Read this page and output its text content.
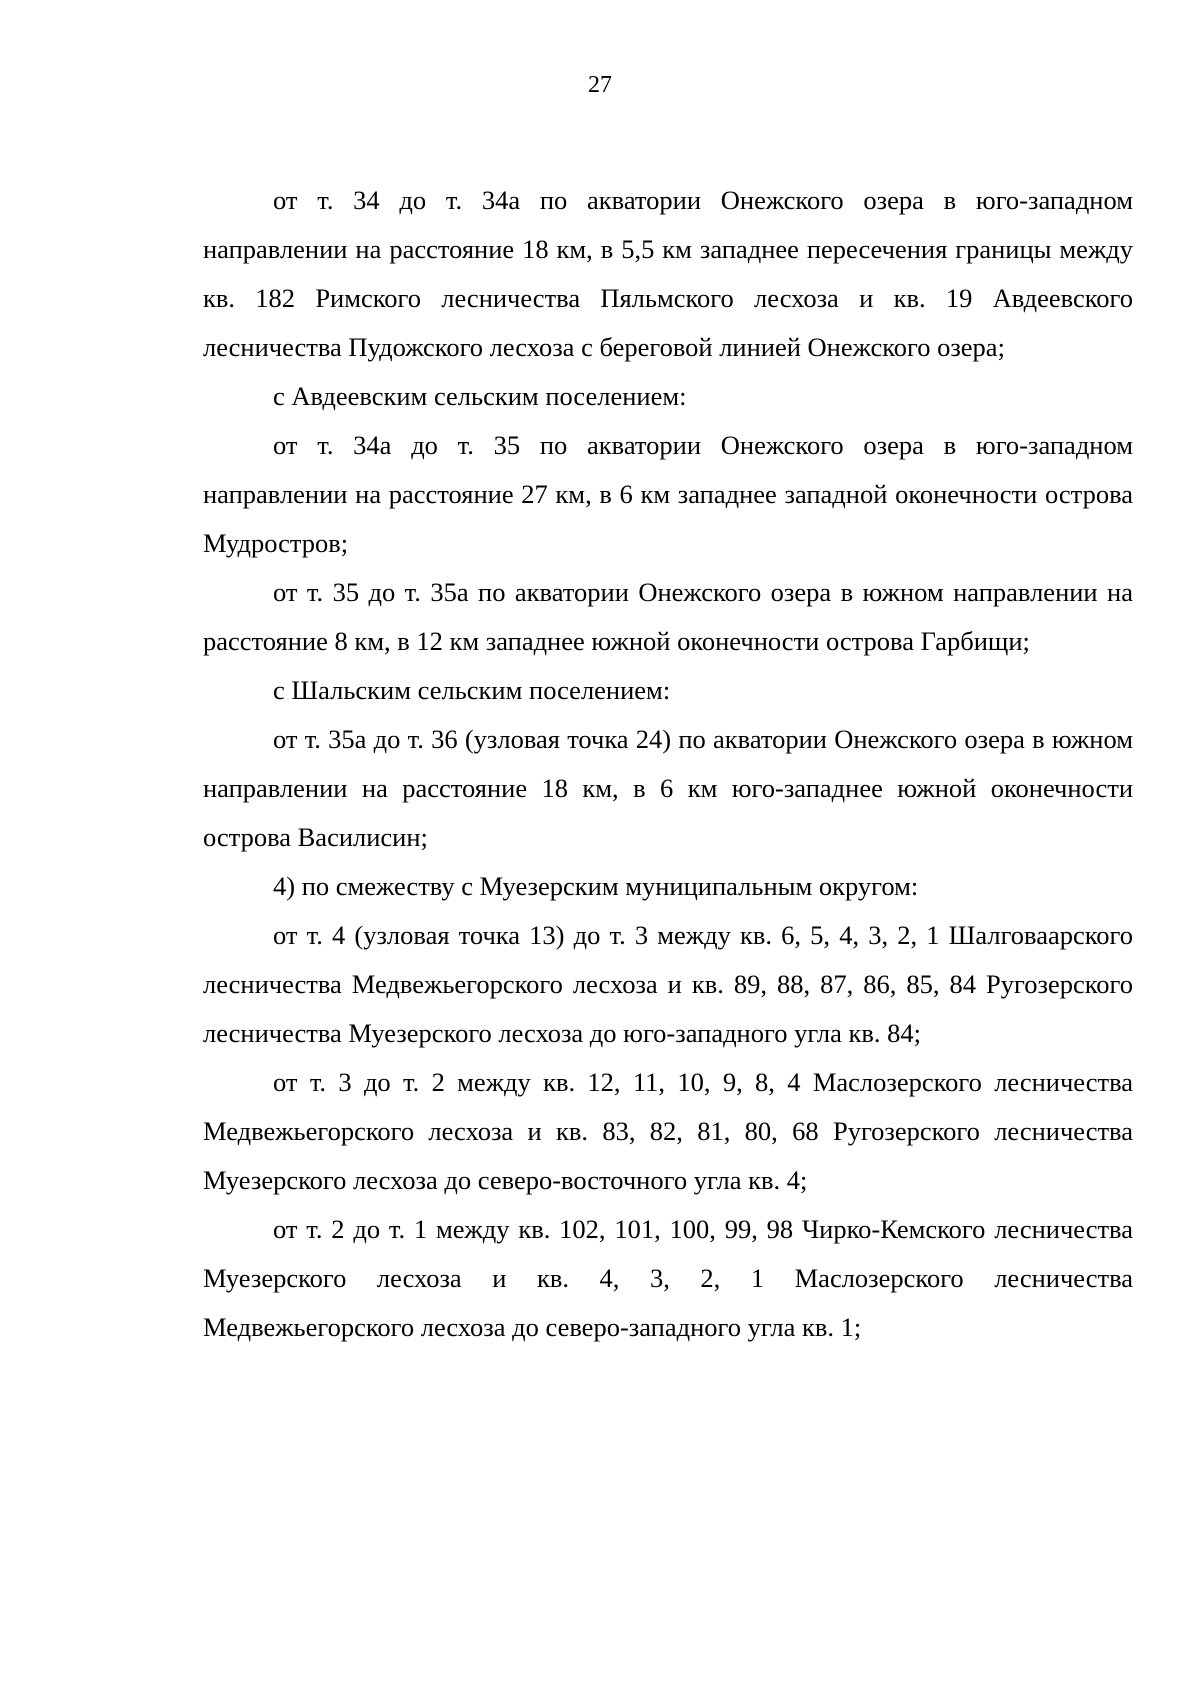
27

от т. 34 до т. 34а по акватории Онежского озера в юго-западном направлении на расстояние 18 км, в 5,5 км западнее пересечения границы между кв. 182 Римского лесничества Пяльмского лесхоза и кв. 19 Авдеевского лесничества Пудожского лесхоза с береговой линией Онежского озера;

с Авдеевским сельским поселением:

от т. 34а до т. 35 по акватории Онежского озера в юго-западном направлении на расстояние 27 км, в 6 км западнее западной оконечности острова Мудростров;

от т. 35 до т. 35а по акватории Онежского озера в южном направлении на расстояние 8 км, в 12 км западнее южной оконечности острова Гарбищи;

с Шальским сельским поселением:

от т. 35а до т. 36 (узловая точка 24) по акватории Онежского озера в южном направлении на расстояние 18 км, в 6 км юго-западнее южной оконечности острова Василисин;

4) по смежеству с Муезерским муниципальным округом:

от т. 4 (узловая точка 13) до т. 3 между кв. 6, 5, 4, 3, 2, 1 Шалговаарского лесничества Медвежьегорского лесхоза и кв. 89, 88, 87, 86, 85, 84 Ругозерского лесничества Муезерского лесхоза до юго-западного угла кв. 84;

от т. 3 до т. 2 между кв. 12, 11, 10, 9, 8, 4 Маслозерского лесничества Медвежьегорского лесхоза и кв. 83, 82, 81, 80, 68 Ругозерского лесничества Муезерского лесхоза до северо-восточного угла кв. 4;

от т. 2 до т. 1 между кв. 102, 101, 100, 99, 98 Чирко-Кемского лесничества Муезерского лесхоза и кв. 4, 3, 2, 1 Маслозерского лесничества Медвежьегорского лесхоза до северо-западного угла кв. 1;
